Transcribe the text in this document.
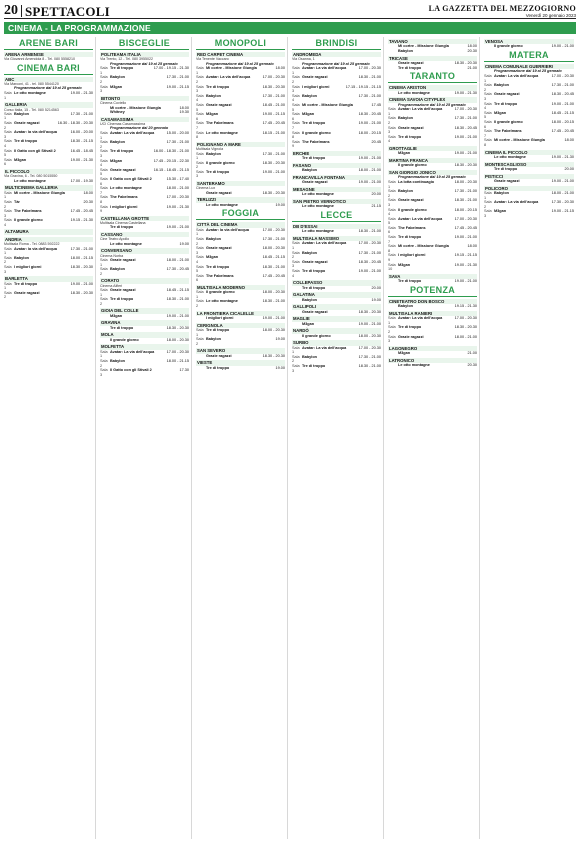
20 SPETTACOLI	LA GAZZETTA DEL MEZZOGIORNO
Venerdì 20 gennaio 2023
CINEMA - LA PROGRAMMAZIONE
ARENE BARI
ARENA ARMENISE
Via Giovanni Amendola 8 - Tel. 080 5558210
CINEMA BARI
ABC
Via Marconi, 41 - tel. 080 5544120
Programmazione dal 19 al 25 gennaio
Sala 1
Le otto montagne	19.00 - 21.30
GALLERIA
Corso Italia, 15 - Tel. 080 5214563
Sala 1
Babylon	17.30 - 21.00
Sala 2
Grazie ragazzi	16.30 - 18.30 - 20.30
Sala 3
Avatar: la via dell'acqua	16.00 - 20.00
Sala 4
Tre di troppo	18.30 - 21.15
Sala 5
Il Gatto con gli Stivali 2	16.45 - 18.45
Sala 6
M3gan	19.00 - 21.30
IL PICCOLO
Via Gravina, 6 - Tel. 080 5015550
Le otto montagne	17.00 - 19.30
MULTICINEMA GALLERIA
Sala 1
Mi cortre - Missione Giungla	18.00
Sala 2
Tár	20.30
Sala 3
The Fabelmans	17.45 - 20.45
Sala 4
Il grande giorno	19.15 - 21.30
ALTAMURA
ANDRIA
Multisala Roma - Tel. 0883 592222
Sala 1
Avatar: la via dell'acqua	17.30 - 21.00
Sala 2
Babylon	18.00 - 21.15
Sala 3
I migliori giorni	18.30 - 20.30
BARLETTA
Sala 1
Tre di troppo	19.00 - 21.00
Sala 2
Grazie ragazzi	18.30 - 20.30
BISCEGLIE
POLITEAMA ITALIA
Via Trento, 12 - Tel. 080 3955022
Programmazione dal 19 al 25 gennaio
Sala 1
Tre di troppo	17.00 - 19.15 - 21.30
Sala 2
Babylon	17.30 - 21.00
Sala 3
M3gan	19.00 - 21.15
BITONTO
Cinema Coviello
Mi cortre - Missione Giungla	18.00
Whitney	19.30
CASAMASSIMA
UCI Cinemas Casamassima
Programmazione dal 20 gennaio
Sala 1
Avatar: La via dell'acqua	15.00 - 20.00
Sala 2
Babylon	17.30 - 21.00
Sala 3
Tre di troppo	16.00 - 18.30 - 21.00
Sala 4
M3gan	17.45 - 20.15 - 22.30
Sala 5
Grazie ragazzi	16.15 - 18.45 - 21.15
Sala 6
Il Gatto con gli Stivali 2	15.30 - 17.40
Sala 7
Le otto montagne	18.00 - 21.00
Sala 8
The Fabelmans	17.00 - 20.30
Sala 9
I migliori giorni	19.00 - 21.30
CASTELLANA GROTTE
Multisala Cinema Castellana
Tre di troppo	19.00 - 21.00
CASSANO
Cine Teatro Apollo
Le otto montagne	19.00
CONVERSANO
Cinema Norba
Sala 1
Grazie ragazzi	18.00 - 21.00
Sala 2
Babylon	17.30 - 20.45
CORATO
Cinema Alfieri
Sala 1
Grazie ragazzi	18.45 - 21.15
Sala 2
Tre di troppo	18.30 - 21.00
GIOIA DEL COLLE
M3gan	19.00 - 21.00
GRAVINA
Tre di troppo	18.30 - 20.30
MOLA
Il grande giorno	18.00 - 20.30
MOLFETTA
Sala 1
Avatar: La via dell'acqua	17.00 - 20.30
Sala 2
Babylon	18.00 - 21.15
Sala 3
Il Gatto con gli Stivali 2	17.30
MONOPOLI
RED CARPET CINEMA
Via Tenente Vaccaro
Programmazione dal 19 al 25 gennaio
Sala 1
Mi cortre - Missione Giungla	18.00
Sala 2
Avatar: La via dell'acqua	17.00 - 20.30
Sala 3
Tre di troppo	18.30 - 20.30
Sala 4
Babylon	17.30 - 21.00
Sala 5
Grazie ragazzi	18.45 - 21.00
Sala 6
M3gan	19.00 - 21.15
Sala 7
The Fabelmans	17.45 - 20.45
Sala 8
Le otto montagne	18.15 - 21.00
POLIGNANO A MARE
Multisala Vignola
Sala 1
Babylon	17.30 - 21.00
Sala 2
Il grande giorno	18.30 - 20.30
Sala 3
Tre di troppo	19.00 - 21.00
SANTERAMO
Cinema Lux
Grazie ragazzi	18.30 - 20.30
TERLIZZI
Le otto montagne	19.00
FOGGIA
CITTÀ DEL CINEMA
Sala 1
Avatar: la via dell'acqua	17.00 - 20.30
Sala 2
Babylon	17.30 - 21.00
Sala 3
Grazie ragazzi	18.00 - 20.30
Sala 4
M3gan	18.45 - 21.15
Sala 5
Tre di troppo	18.30 - 21.00
Sala 6
The Fabelmans	17.45 - 20.45
MULTISALA MODERNO
Sala 1
Il grande giorno	18.00 - 20.30
Sala 2
Le otto montagne	18.30 - 21.00
LA FRONTIERA CICALELLE
I migliori giorni	19.00 - 21.00
CERIGNOLA
Sala 1
Tre di troppo	18.00 - 20.30
Sala 2
Babylon	19.00
SAN SEVERO
Grazie ragazzi	18.30 - 20.30
VIESTE
Tre di troppo	19.00
BRINDISI
ANDROMEDA
Via Osanna, 1
Programmazione dal 19 al 25 gennaio
Sala 1
Avatar: La via dell'acqua	17.00 - 20.30
Sala 2
Grazie ragazzi	18.30 - 21.00
Sala 3
I migliori giorni	17.15 - 19.15 - 21.15
Sala 4
Babylon	17.30 - 21.00
Sala 5
Mi cortre - Missione Giungla	17.45
Sala 6
M3gan	18.30 - 20.45
Sala 7
Tre di troppo	19.00 - 21.00
Sala 8
Il grande giorno	18.00 - 20.15
Sala 9
The Fabelmans	20.45
ERCHIE
Tre di troppo	19.00 - 21.00
FASANO
Babylon	18.00 - 21.00
FRANCAVILLA FONTANA
Grazie ragazzi	19.00 - 21.00
MESAGNE
Le otto montagne	20.00
SAN PIETRO VERNOTICO
Le otto montagne	21.15
LECCE
DB D'ESSAI
Le otto montagne	18.30 - 21.00
MULTISALA MASSIMO
Sala 1
Avatar: La via dell'acqua	17.00 - 20.30
Sala 2
Babylon	17.30 - 21.00
Sala 3
Grazie ragazzi	18.30 - 20.45
Sala 4
Tre di troppo	19.00 - 21.00
COLLEPASSO
Tre di troppo	20.00
GALATINA
Babylon	19.00
GALLIPOLI
Grazie ragazzi	18.30 - 20.30
MAGLIE
M3gan	19.00 - 21.00
NARDÒ
Il grande giorno	18.00 - 20.30
SURBO
Sala 1
Avatar: La via dell'acqua	17.00 - 20.30
Sala 2
Babylon	17.30 - 21.00
Sala 3
Tre di troppo	18.30 - 21.00
TAVIANO
Mi cortre - Missione Giungla	18.00
Babylon	20.30
TRICASE
Grazie ragazzi	18.30 - 20.30
Tre di troppo	21.00
TARANTO
CINEMA ARISTON
Le otto montagne	19.00 - 21.30
CINEMA SAVOIA CITYPLEX
Programmazione dal 19 al 25 gennaio
Sala 1
Avatar: La via dell'acqua	17.00 - 20.30
Sala 2
Babylon	17.30 - 21.00
Sala 3
Grazie ragazzi	18.30 - 20.45
Sala 4
Tre di troppo	19.00 - 21.00
GROTTAGLIE
M3gan	19.00 - 21.00
MARTINA FRANCA
Il grande giorno	18.30 - 20.30
SAN GIORGIO JONICO
Programmazione dal 19 al 25 gennaio
Sala 1
La lotta continuagio	18.00 - 20.30
Sala 2
Babylon	17.30 - 21.00
Sala 3
Grazie ragazzi	18.30 - 21.00
Sala 4
Il grande giorno	18.00 - 20.15
Sala 5
Avatar: La via dell'acqua	17.00 - 20.30
Sala 6
The Fabelmans	17.45 - 20.45
Sala 7
Tre di troppo	19.00 - 21.00
Sala 8
Mi cortre - Missione Giungla	18.00
Sala 9
I migliori giorni	19.15 - 21.15
Sala 10
M3gan	19.00 - 21.30
SAVA
Tre di troppo	19.00 - 21.00
POTENZA
CINETEATRO DON BOSCO
Babylon	19.15 - 21.30
MULTISALA RANIERI
Sala 1
Avatar: La via dell'acqua	17.00 - 20.30
Sala 2
Tre di troppo	18.30 - 20.30
Sala 3
Grazie ragazzi	18.00 - 21.00
LAGONEGRO
M3gan	21.00
LATRONICO
Le otto montagne	20.30
VENOSA
Il grande giorno	19.00 - 21.00
MATERA
CINEMA COMUNALE GUERRIERI
Programmazione dal 19 al 25 gennaio
Sala 1
Avatar: La via dell'acqua	17.00 - 20.30
Sala 2
Babylon	17.30 - 21.00
Sala 3
Grazie ragazzi	18.30 - 20.45
Sala 4
Tre di troppo	19.00 - 21.00
Sala 5
M3gan	18.45 - 21.15
Sala 6
Il grande giorno	18.00 - 20.15
Sala 7
The Fabelmans	17.45 - 20.45
Sala 8
Mi cortre - Missione Giungla	18.00
CINEMA IL PICCOLO
Le otto montagne	19.00 - 21.30
MONTESCAGLIOSO
Tre di troppo	20.00
PISTICCI
Grazie ragazzi	19.00 - 21.00
POLICORO
Sala 1
Babylon	18.00 - 21.00
Sala 2
Avatar: La via dell'acqua	17.30 - 20.30
Sala 3
M3gan	19.00 - 21.15
